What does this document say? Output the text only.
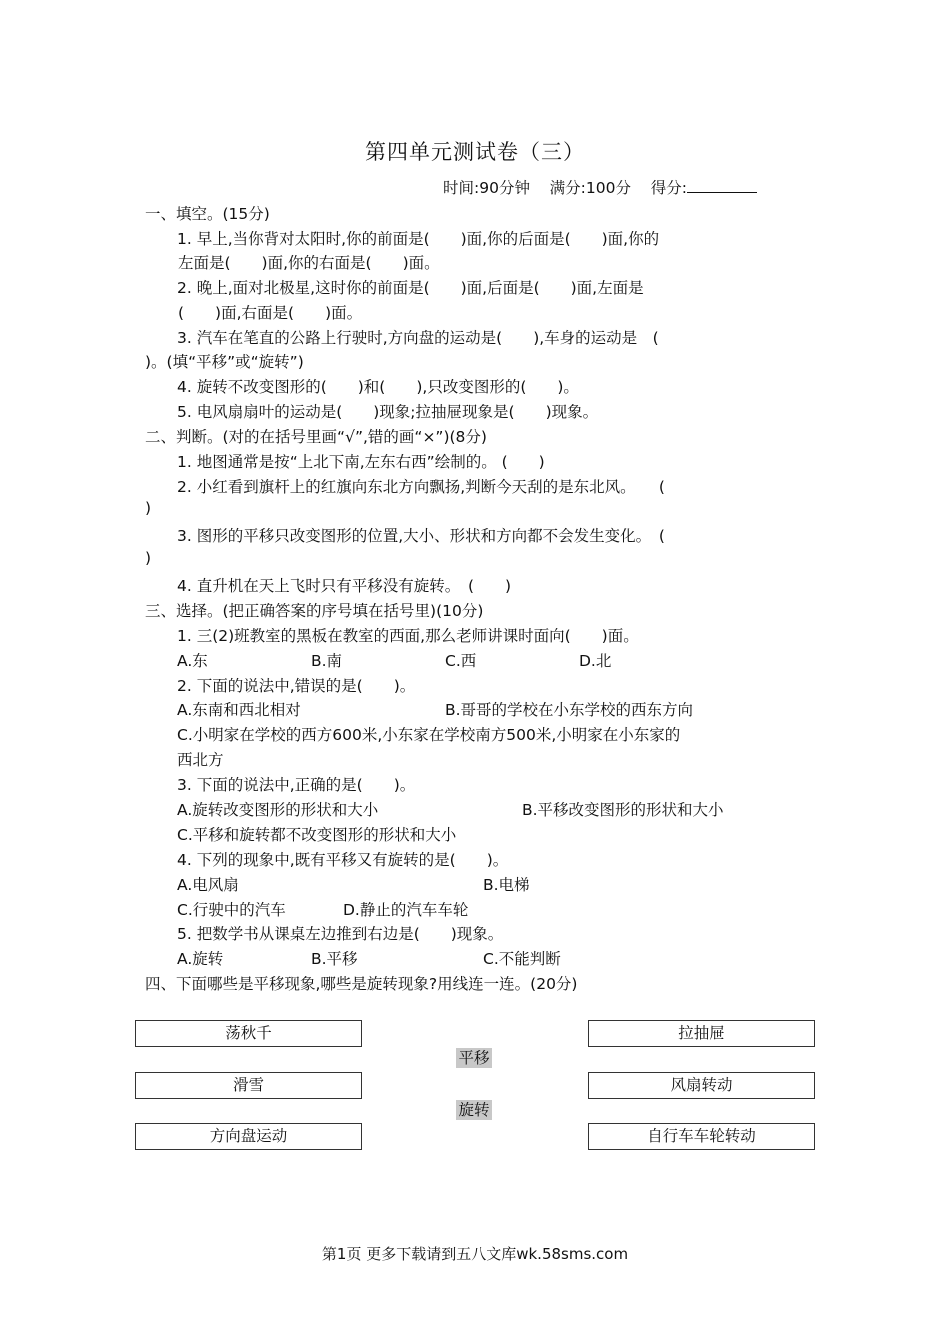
第四单元测试卷（三）
时间:90分钟 满分:100分 得分:
一、填空。(15分)
1. 早上,当你背对太阳时,你的前面是(　　)面,你的后面是(　　)面,你的
左面是(　　)面,你的右面是(　　)面。
2. 晚上,面对北极星,这时你的前面是(　　)面,后面是(　　)面,左面是
(　　)面,右面是(　　)面。
3. 汽车在笔直的公路上行驶时,方向盘的运动是(　　),车身的运动是　(
)。(填“平移”或“旋转”)
4. 旋转不改变图形的(　　)和(　　),只改变图形的(　　)。
5. 电风扇扇叶的运动是(　　)现象;拉抽屉现象是(　　)现象。
二、判断。(对的在括号里画“√”,错的画“×”)(8分)
1. 地图通常是按“上北下南,左东右西”绘制的。 (　　)
2. 小红看到旗杆上的红旗向东北方向飘扬,判断今天刮的是东北风。　　(
)
3. 图形的平移只改变图形的位置,大小、形状和方向都不会发生变化。　(
)
4. 直升机在天上飞时只有平移没有旋转。　(　　)
三、选择。(把正确答案的序号填在括号里)(10分)
1. 三(2)班教室的黑板在教室的西面,那么老师讲课时面向(　　)面。
A.东	B.南	C.西	D.北
2. 下面的说法中,错误的是(　　)。
A.东南和西北相对	B.哥哥的学校在小东学校的西东方向
C.小明家在学校的西方600米,小东家在学校南方500米,小明家在小东家的
西北方
3. 下面的说法中,正确的是(　　)。
A.旋转改变图形的形状和大小	B.平移改变图形的形状和大小
C.平移和旋转都不改变图形的形状和大小
4. 下列的现象中,既有平移又有旋转的是(　　)。
A.电风扇	B.电梯
C.行驶中的汽车	D.静止的汽车车轮
5. 把数学书从课桌左边推到右边是(　　)现象。
A.旋转	B.平移	C.不能判断
四、下面哪些是平移现象,哪些是旋转现象?用线连一连。(20分)
荡秋千
滑雪
方向盘运动
拉抽屉
风扇转动
自行车车轮转动
平移
旋转
第1页 更多下载请到五八文库wk.58sms.com
